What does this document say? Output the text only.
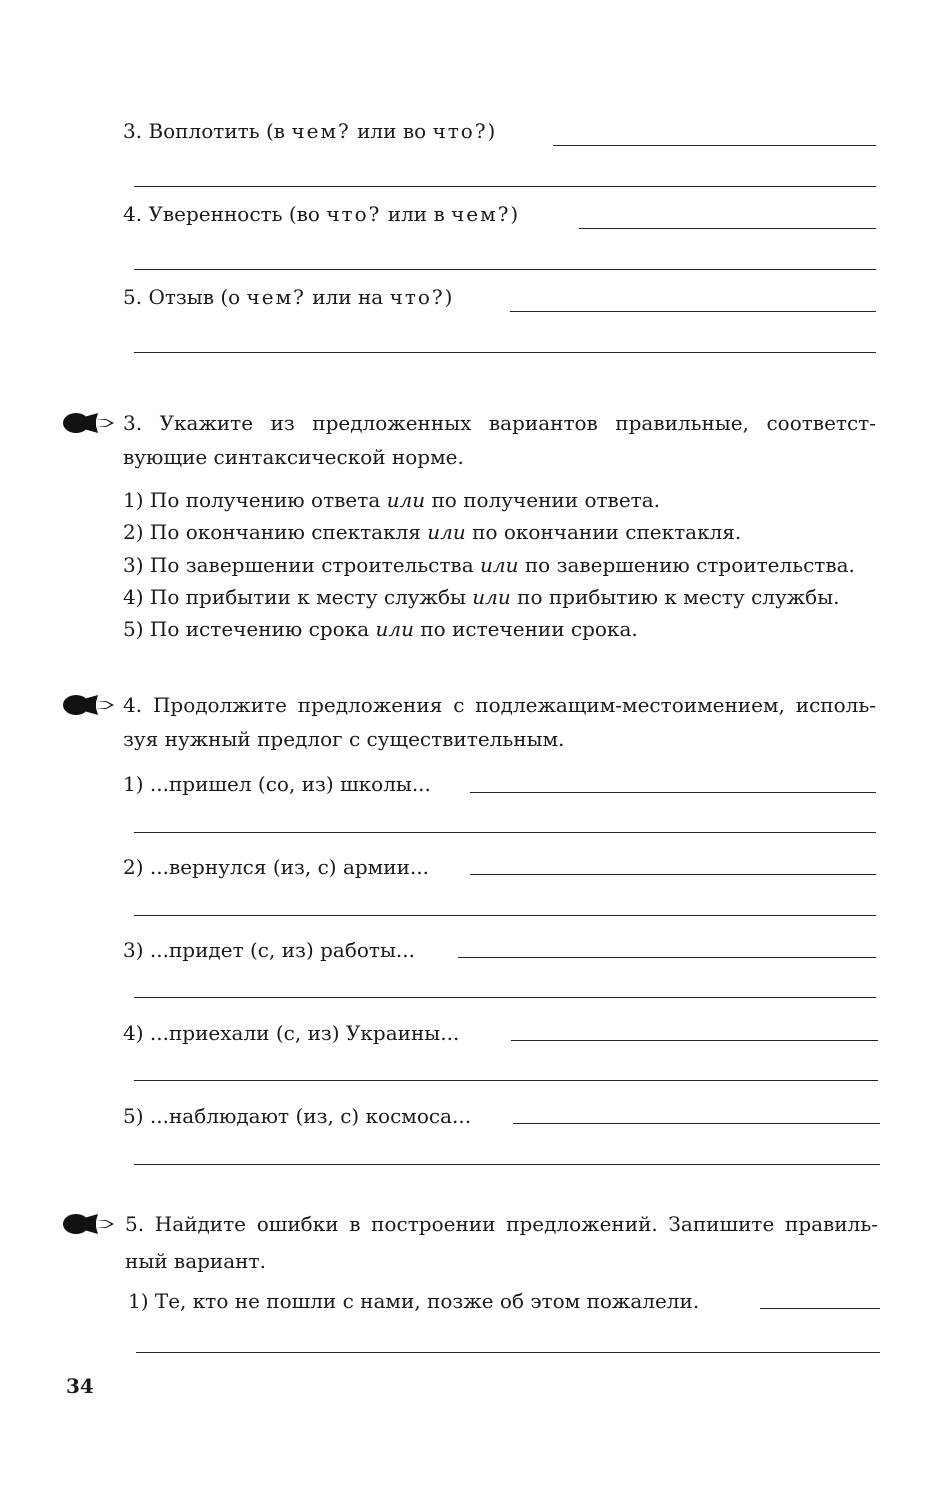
3. Воплотить (в чем? или во что?)
4. Уверенность (во что? или в чем?)
5. Отзыв (о чем? или на что?)
3. Укажите из предложенных вариантов правильные, соответст-
вующие синтаксической норме.
1) По получению ответа или по получении ответа.
2) По окончанию спектакля или по окончании спектакля.
3) По завершении строительства или по завершению строительства.
4) По прибытии к месту службы или по прибытию к месту службы.
5) По истечению срока или по истечении срока.
4. Продолжите предложения с подлежащим-местоимением, исполь-
зуя нужный предлог с существительным.
1) ...пришел (со, из) школы...
2) ...вернулся (из, с) армии...
3) ...придет (с, из) работы...
4) ...приехали (с, из) Украины...
5) ...наблюдают (из, с) космоса...
5. Найдите ошибки в построении предложений. Запишите правиль-
ный вариант.
1) Те, кто не пошли с нами, позже об этом пожалели.
34
